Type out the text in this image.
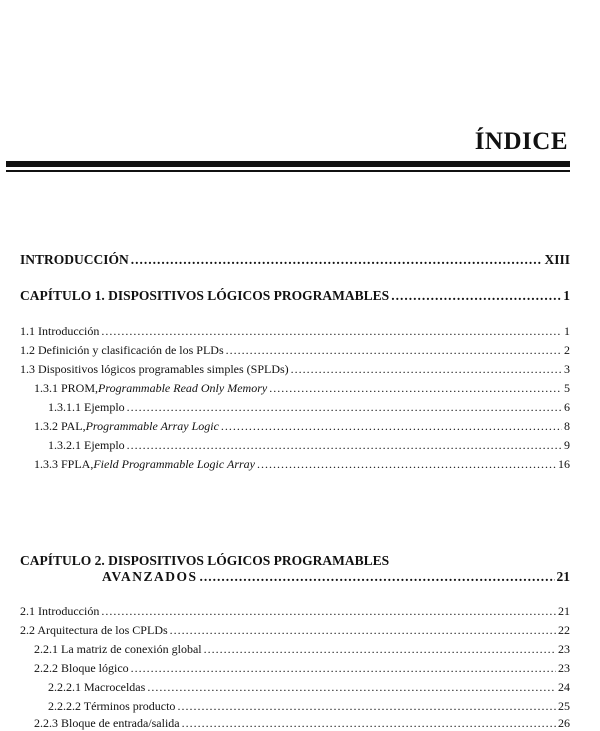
ÍNDICE
INTRODUCCIÓN .....	XIII
CAPÍTULO 1. DISPOSITIVOS LÓGICOS PROGRAMABLES .....	1
1.1 Introducción .....	1
1.2 Definición y clasificación de los PLDs .....	2
1.3 Dispositivos lógicos programables simples (SPLDs) .....	3
1.3.1 PROM, Programmable Read Only Memory .....	5
1.3.1.1 Ejemplo .....	6
1.3.2 PAL, Programmable Array Logic .....	8
1.3.2.1 Ejemplo .....	9
1.3.3 FPLA, Field Programmable Logic Array .....	16
CAPÍTULO 2. DISPOSITIVOS LÓGICOS PROGRAMABLES
AVANZADOS .....	21
2.1 Introducción .....	21
2.2 Arquitectura de los CPLDs .....	22
2.2.1 La matriz de conexión global .....	23
2.2.2 Bloque lógico .....	23
2.2.2.1 Macroceldas .....	24
2.2.2.2 Términos producto .....	25
2.2.3 Bloque de entrada/salida .....	26
